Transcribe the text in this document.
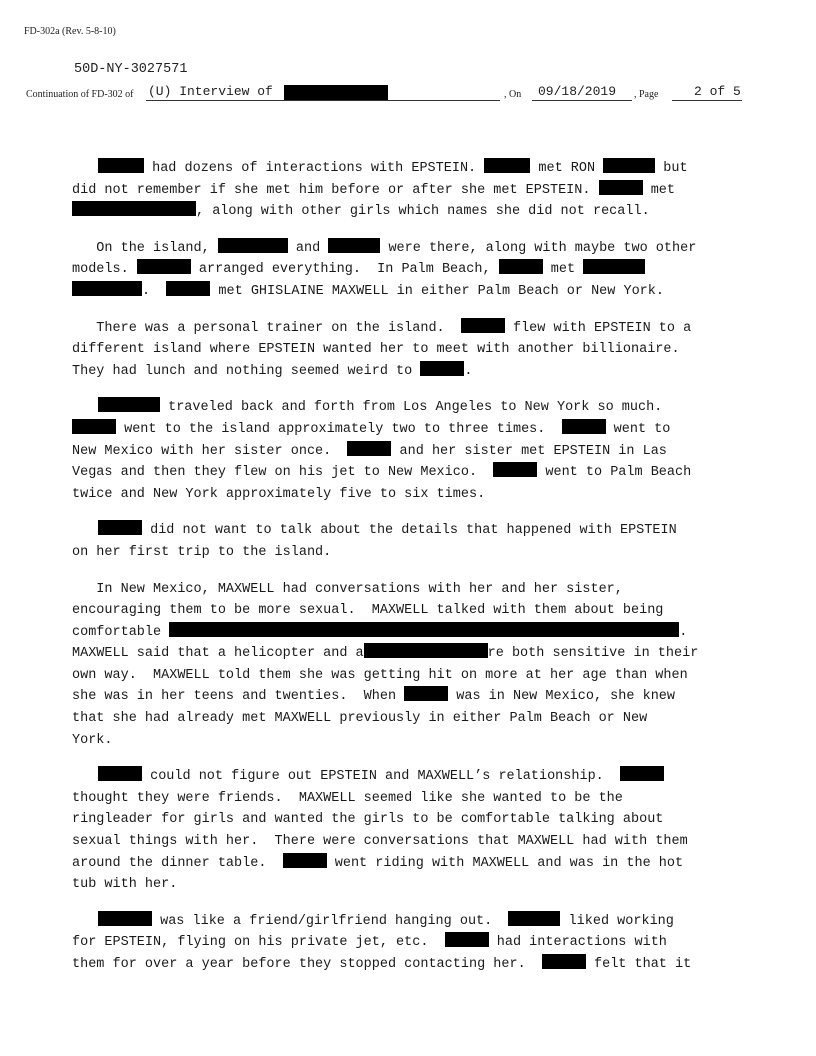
FD-302a (Rev. 5-8-10)
50D-NY-3027571
Continuation of FD-302 of (U) Interview of	, On 09/18/2019 , Page	2 of 5
had dozens of interactions with EPSTEIN.	met RON	but
did not remember if she met him before or after she met EPSTEIN.	met
, along with other girls which names she did not recall.
On the island,	and	were there, along with maybe two other
models.	arranged everything.  In Palm Beach,	met
.	met GHISLAINE MAXWELL in either Palm Beach or New York.
There was a personal trainer on the island.	flew with EPSTEIN to a
different island where EPSTEIN wanted her to meet with another billionaire.
They had lunch and nothing seemed weird to	.
traveled back and forth from Los Angeles to New York so much.
went to the island approximately two to three times.	went to
New Mexico with her sister once.	and her sister met EPSTEIN in Las
Vegas and then they flew on his jet to New Mexico.	went to Palm Beach
twice and New York approximately five to six times.
did not want to talk about the details that happened with EPSTEIN
on her first trip to the island.
In New Mexico, MAXWELL had conversations with her and her sister,
encouraging them to be more sexual.  MAXWELL talked with them about being
comfortable	.
MAXWELL said that a helicopter and a	re both sensitive in their
own way.  MAXWELL told them she was getting hit on more at her age than when
she was in her teens and twenties.  When	was in New Mexico, she knew
that she had already met MAXWELL previously in either Palm Beach or New
York.
could not figure out EPSTEIN and MAXWELL’s relationship.
thought they were friends.  MAXWELL seemed like she wanted to be the
ringleader for girls and wanted the girls to be comfortable talking about
sexual things with her.  There were conversations that MAXWELL had with them
around the dinner table.	went riding with MAXWELL and was in the hot
tub with her.
was like a friend/girlfriend hanging out.	liked working
for EPSTEIN, flying on his private jet, etc.	had interactions with
them for over a year before they stopped contacting her.	felt that it
